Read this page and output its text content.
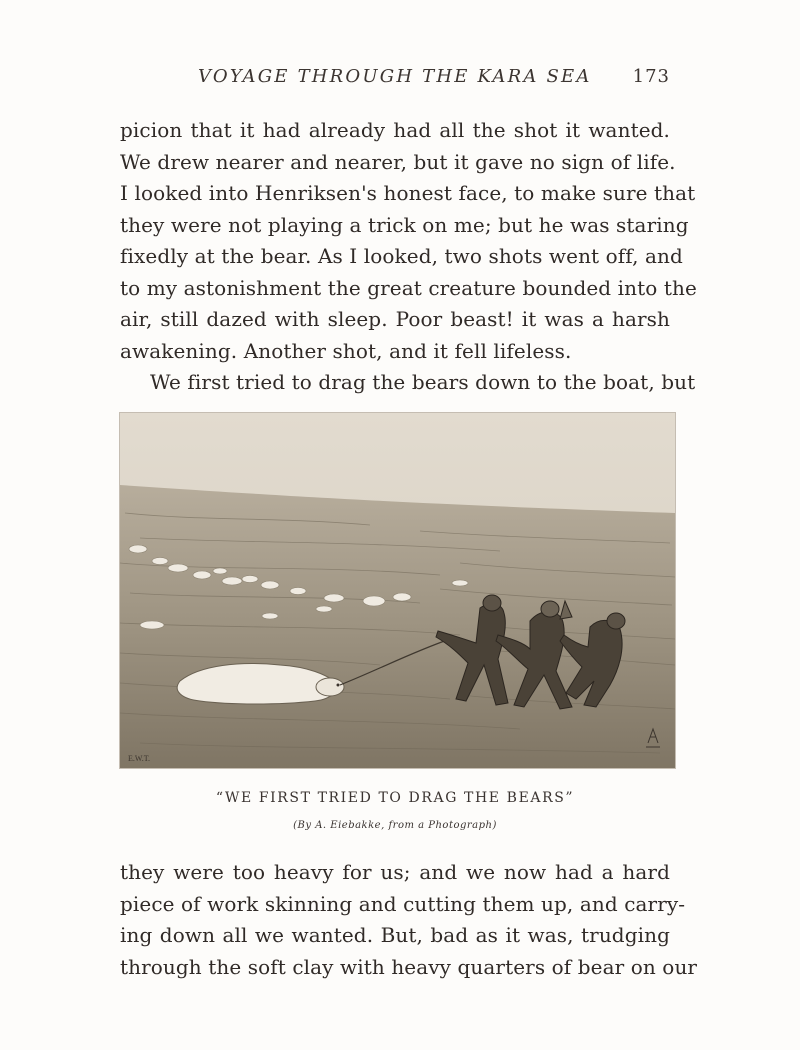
VOYAGE THROUGH THE KARA SEA 173
picion that it had already had all the shot it wanted.
We drew nearer and nearer, but it gave no sign of life.
I looked into Henriksen's honest face, to make sure that
they were not playing a trick on me; but he was staring
fixedly at the bear. As I looked, two shots went off, and
to my astonishment the great creature bounded into the
air, still dazed with sleep. Poor beast! it was a harsh
awakening. Another shot, and it fell lifeless.
We first tried to drag the bears down to the boat, but
E.W.T.
“WE FIRST TRIED TO DRAG THE BEARS”
(By A. Eiebakke, from a Photograph)
they were too heavy for us; and we now had a hard
piece of work skinning and cutting them up, and carry-
ing down all we wanted. But, bad as it was, trudging
through the soft clay with heavy quarters of bear on our
